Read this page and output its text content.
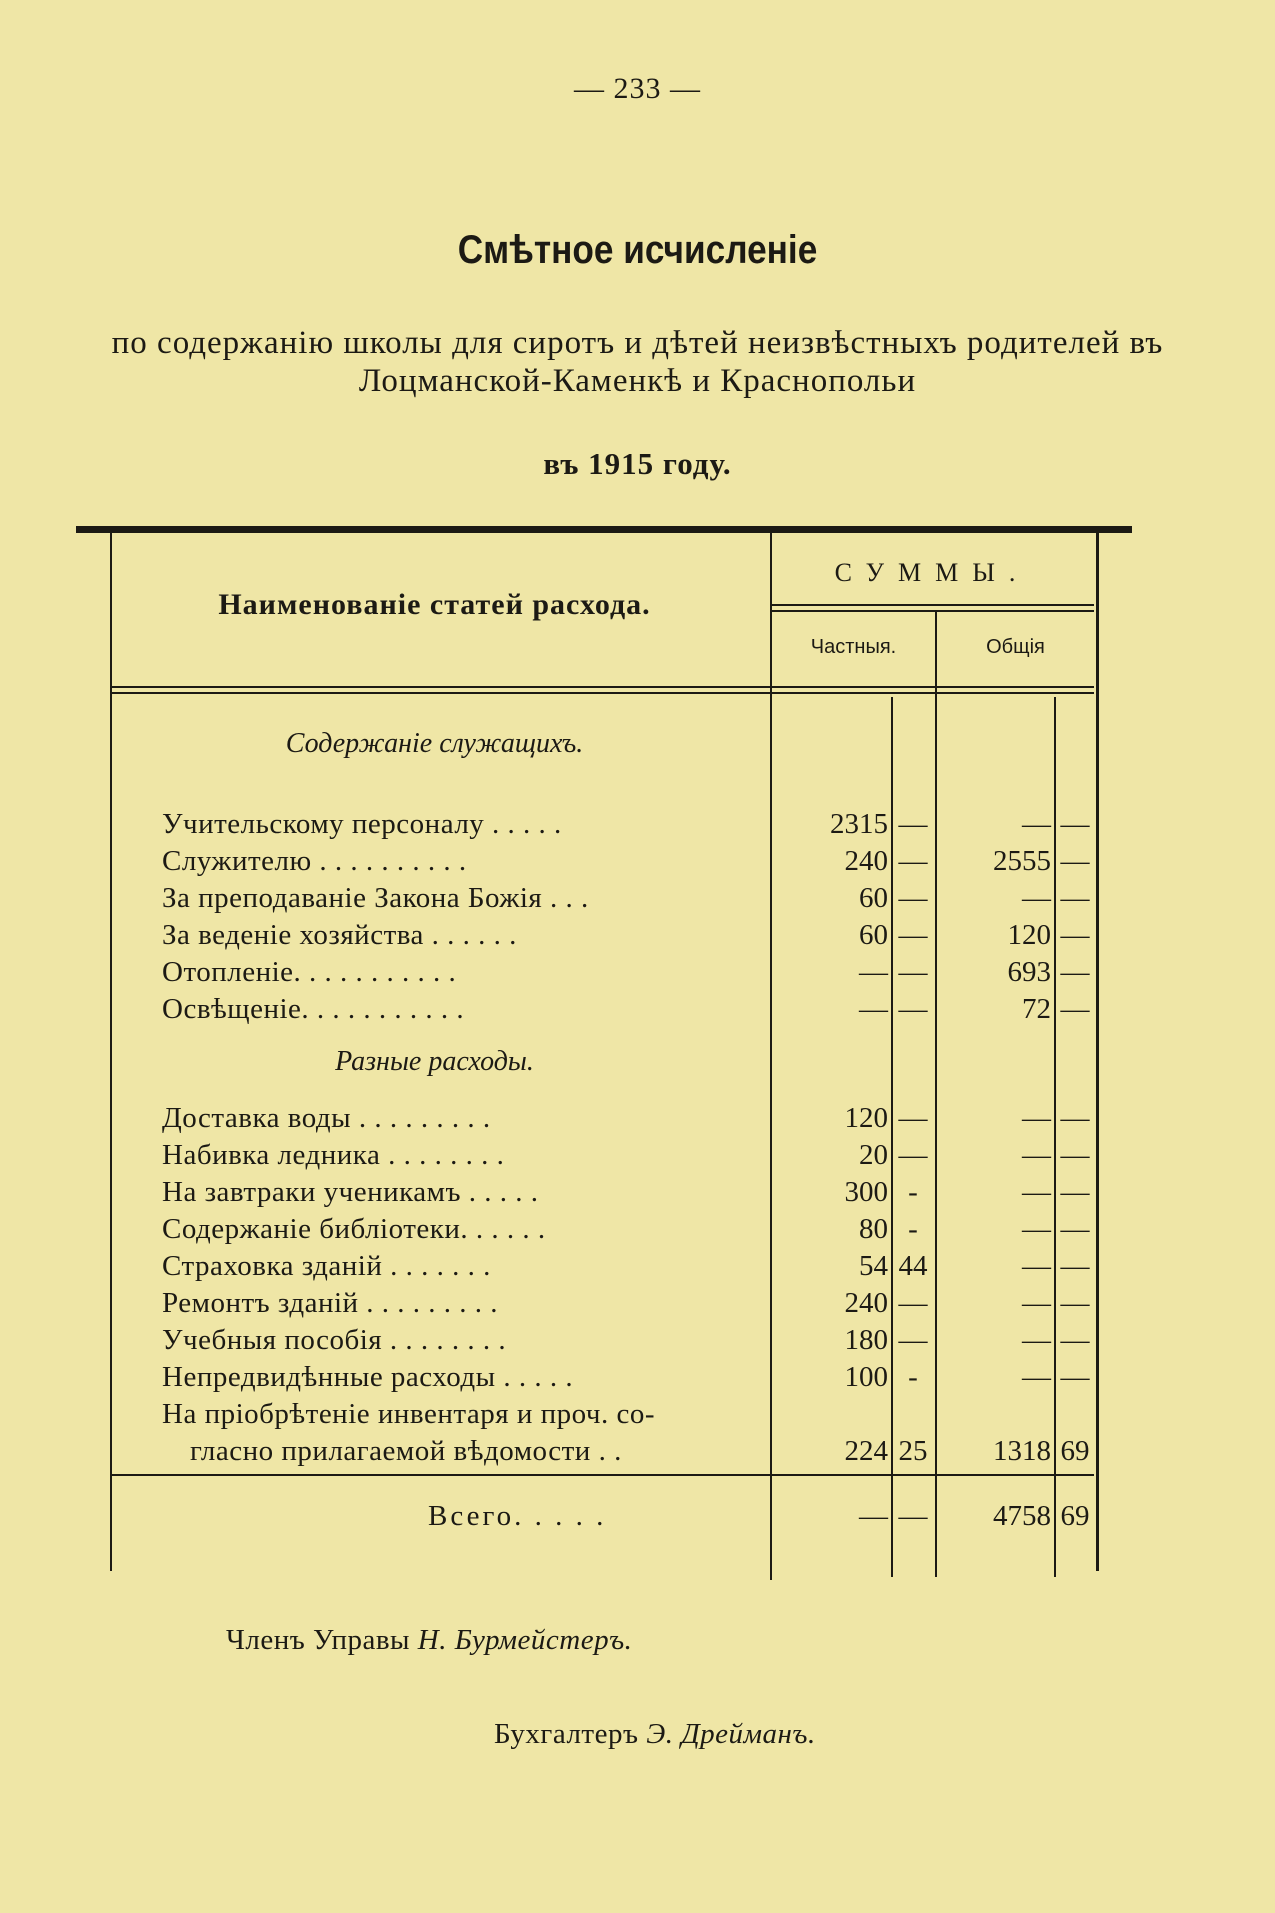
— 233 —
Смѣтное исчисленіе
по содержанію школы для сиротъ и дѣтей неизвѣстныхъ родителей въ Лоцманской-Каменкѣ и Краснопольи
въ 1915 году.
Наименованіе статей расхода.
СУММЫ.
Частныя.	Общія
Содержаніе служащихъ.
Разные расходы.
Учительскому персоналу . . . . .	2315 —	— —
Служителю . . . . . . . . . .	240 —	2555 —
За преподаваніе Закона Божія . . .	60 —	— —
За веденіе хозяйства . . . . . .	60 —	120 —
Отопленіе. . . . . . . . . . .	— —	693 —
Освѣщеніе. . . . . . . . . . .	— —	72 —
Доставка воды . . . . . . . . .	120 —	— —
Набивка ледника . . . . . . . .	20 —	— —
На завтраки ученикамъ . . . . .	300 -	— —
Содержаніе библіотеки. . . . . .	80 -	— —
Страховка зданій . . . . . . .	54 44	— —
Ремонтъ зданій . . . . . . . . .	240 —	— —
Учебныя пособія . . . . . . . .	180 —	— —
Непредвидѣнные расходы . . . . .	100 -	— —
На пріобрѣтеніе инвентаря и проч. со-
гласно прилагаемой вѣдомости . .	224 25	1318 69
Всего. . . . .	— —	4758 69
Членъ Управы Н. Бурмейстеръ.
Бухгалтеръ Э. Дрейманъ.
